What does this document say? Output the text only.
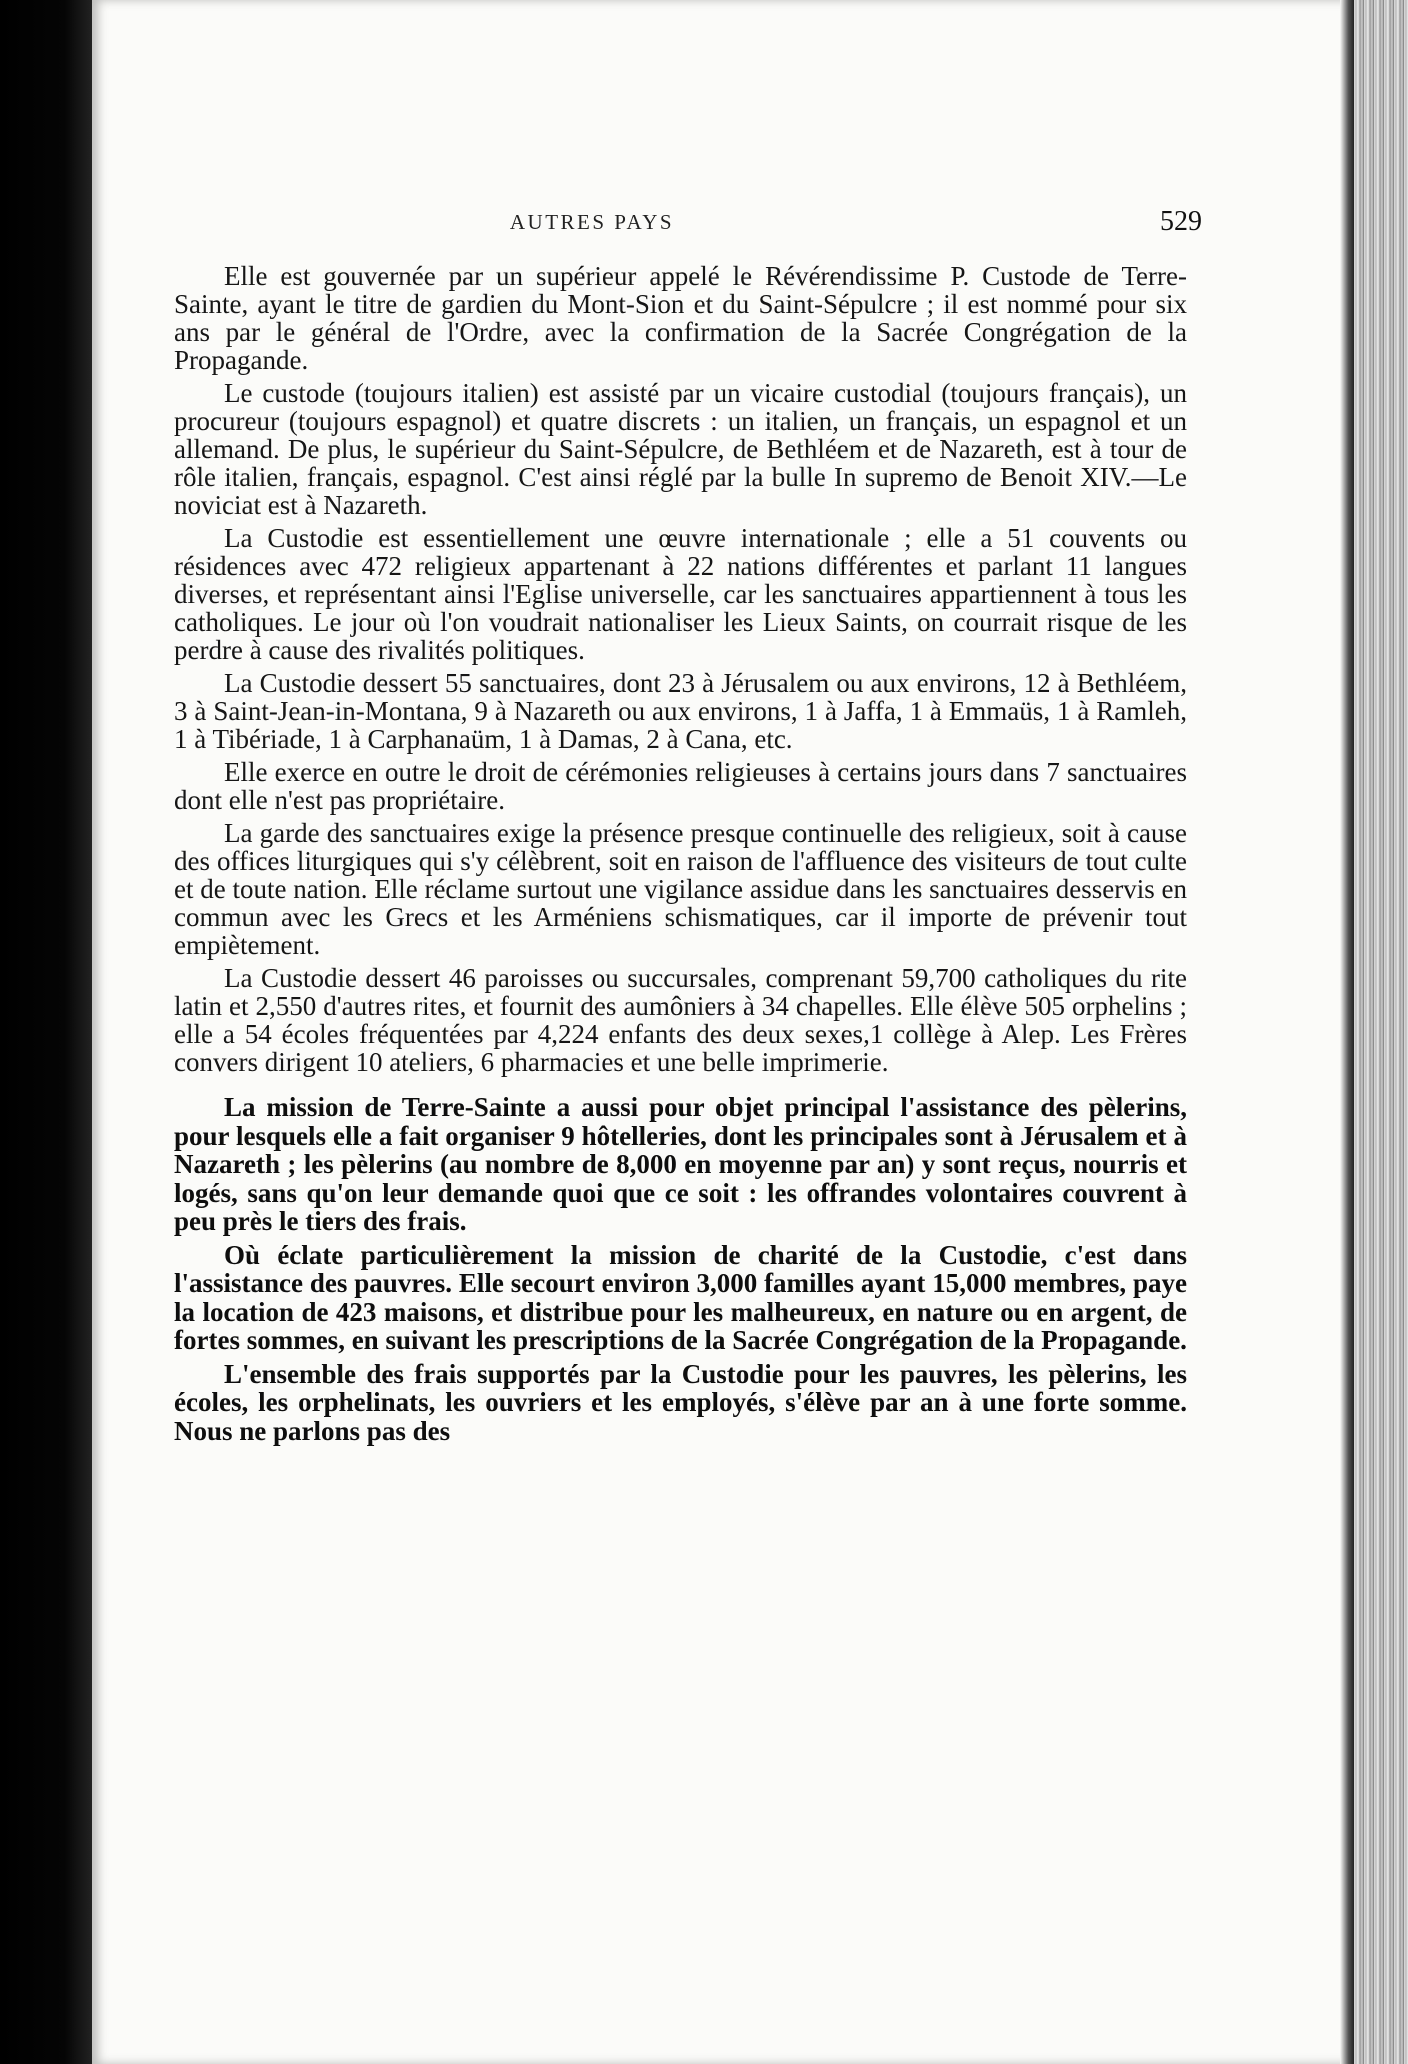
AUTRES PAYS	529

Elle est gouvernée par un supérieur appelé le Révérendissime P. Custode de Terre-Sainte, ayant le titre de gardien du Mont-Sion et du Saint-Sépulcre ; il est nommé pour six ans par le général de l'Ordre, avec la confirmation de la Sacrée Congrégation de la Propagande.

Le custode (toujours italien) est assisté par un vicaire custodial (toujours français), un procureur (toujours espagnol) et quatre discrets : un italien, un français, un espagnol et un allemand. De plus, le supérieur du Saint-Sépulcre, de Bethléem et de Nazareth, est à tour de rôle italien, français, espagnol. C'est ainsi réglé par la bulle In supremo de Benoit XIV.—Le noviciat est à Nazareth.

La Custodie est essentiellement une œuvre internationale ; elle a 51 couvents ou résidences avec 472 religieux appartenant à 22 nations différentes et parlant 11 langues diverses, et représentant ainsi l'Eglise universelle, car les sanctuaires appartiennent à tous les catholiques. Le jour où l'on voudrait nationaliser les Lieux Saints, on courrait risque de les perdre à cause des rivalités politiques.

La Custodie dessert 55 sanctuaires, dont 23 à Jérusalem ou aux environs, 12 à Bethléem, 3 à Saint-Jean-in-Montana, 9 à Nazareth ou aux environs, 1 à Jaffa, 1 à Emmaüs, 1 à Ramleh, 1 à Tibériade, 1 à Carphanaüm, 1 à Damas, 2 à Cana, etc.

Elle exerce en outre le droit de cérémonies religieuses à certains jours dans 7 sanctuaires dont elle n'est pas propriétaire.

La garde des sanctuaires exige la présence presque continuelle des religieux, soit à cause des offices liturgiques qui s'y célèbrent, soit en raison de l'affluence des visiteurs de tout culte et de toute nation. Elle réclame surtout une vigilance assidue dans les sanctuaires desservis en commun avec les Grecs et les Arméniens schismatiques, car il importe de prévenir tout empiètement.

La Custodie dessert 46 paroisses ou succursales, comprenant 59,700 catholiques du rite latin et 2,550 d'autres rites, et fournit des aumôniers à 34 chapelles. Elle élève 505 orphelins ; elle a 54 écoles fréquentées par 4,224 enfants des deux sexes,1 collège à Alep. Les Frères convers dirigent 10 ateliers, 6 pharmacies et une belle imprimerie.

La mission de Terre-Sainte a aussi pour objet principal l'assistance des pèlerins, pour lesquels elle a fait organiser 9 hôtelleries, dont les principales sont à Jérusalem et à Nazareth ; les pèlerins (au nombre de 8,000 en moyenne par an) y sont reçus, nourris et logés, sans qu'on leur demande quoi que ce soit : les offrandes volontaires couvrent à peu près le tiers des frais.

Où éclate particulièrement la mission de charité de la Custodie, c'est dans l'assistance des pauvres. Elle secourt environ 3,000 familles ayant 15,000 membres, paye la location de 423 maisons, et distribue pour les malheureux, en nature ou en argent, de fortes sommes, en suivant les prescriptions de la Sacrée Congrégation de la Propagande.

L'ensemble des frais supportés par la Custodie pour les pauvres, les pèlerins, les écoles, les orphelinats, les ouvriers et les employés, s'élève par an à une forte somme. Nous ne parlons pas des
